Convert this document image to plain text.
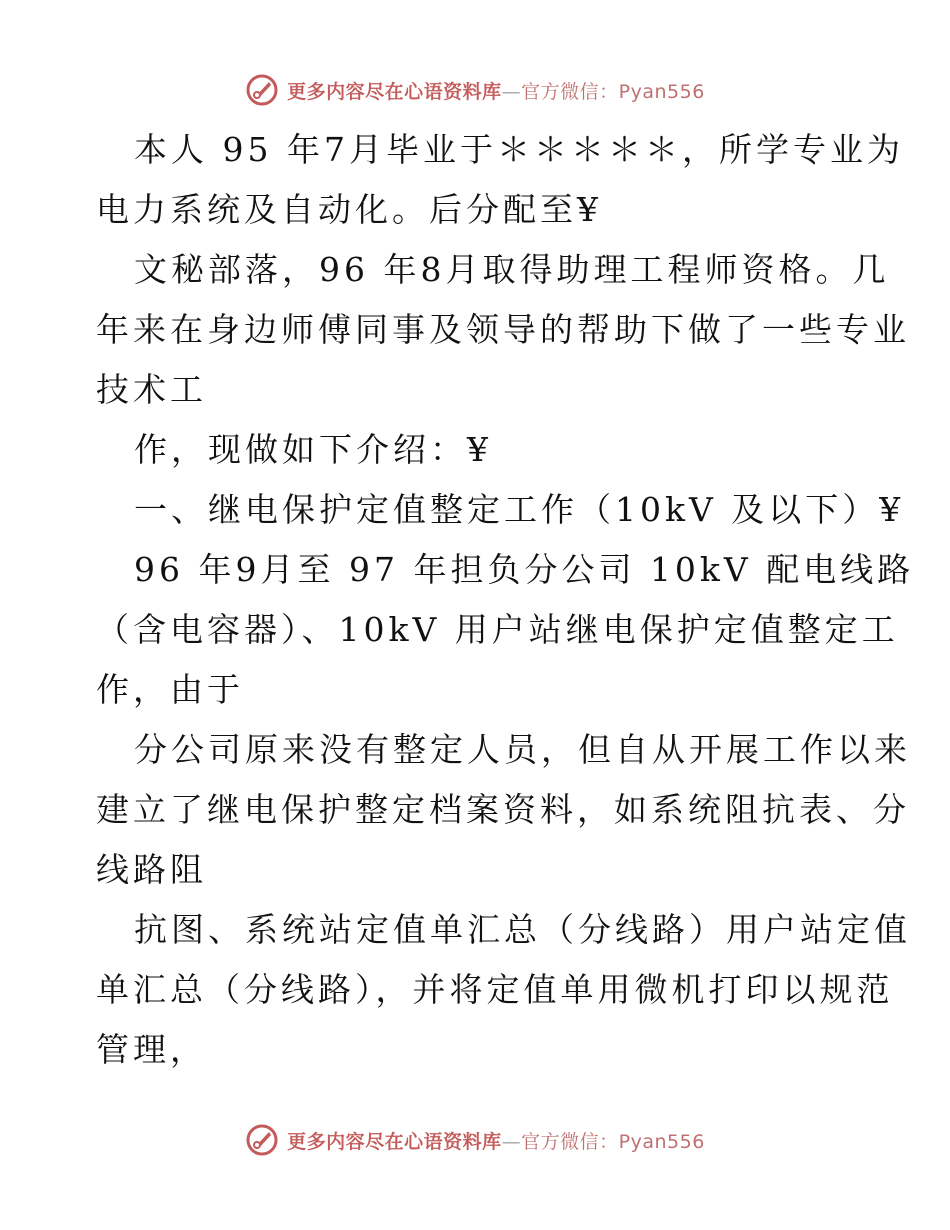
更多内容尽在心语资料库—官方微信：Pyan556
本人 95 年7月毕业于＊＊＊＊＊，所学专业为
电力系统及自动化。后分配至¥
文秘部落，96 年8月取得助理工程师资格。几
年来在身边师傅同事及领导的帮助下做了一些专业
技术工
作，现做如下介绍：¥
一、继电保护定值整定工作（10kV 及以下）¥
96 年9月至 97 年担负分公司 10kV 配电线路
（含电容器）、10kV 用户站继电保护定值整定工
作，由于
分公司原来没有整定人员，但自从开展工作以来
建立了继电保护整定档案资料，如系统阻抗表、分
线路阻
抗图、系统站定值单汇总（分线路）用户站定值
单汇总（分线路），并将定值单用微机打印以规范
管理，
更多内容尽在心语资料库—官方微信：Pyan556
